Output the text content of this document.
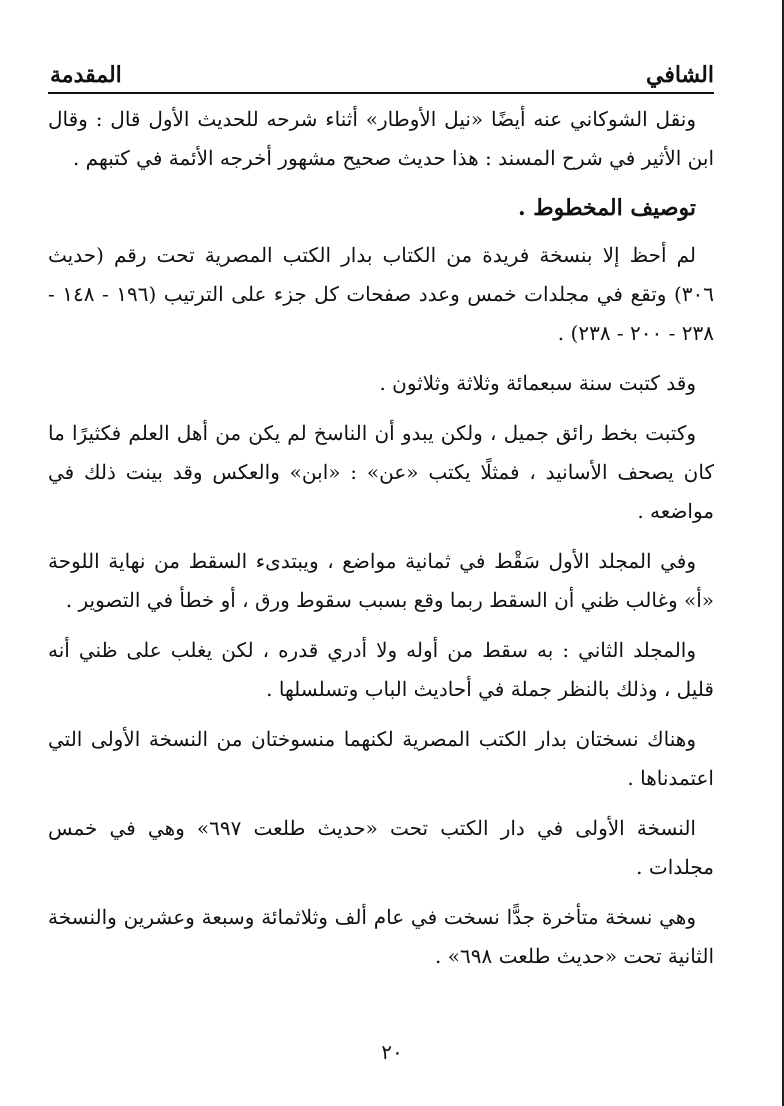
الشافي
المقدمة

ونقل الشوكاني عنه أيضًا «نيل الأوطار» أثناء شرحه للحديث الأول قال : وقال ابن الأثير في شرح المسند : هذا حديث صحيح مشهور أخرجه الأئمة في كتبهم .

توصيف المخطوط .

لم أحظ إلا بنسخة فريدة من الكتاب بدار الكتب المصرية تحت رقم (حديث ٣٠٦) وتقع في مجلدات خمس وعدد صفحات كل جزء على الترتيب (١٩٦ - ١٤٨ - ٢٣٨ - ٢٠٠ - ٢٣٨) .

وقد كتبت سنة سبعمائة وثلاثة وثلاثون .

وكتبت بخط رائق جميل ، ولكن يبدو أن الناسخ لم يكن من أهل العلم فكثيرًا ما كان يصحف الأسانيد ، فمثلًا يكتب «عن» : «ابن» والعكس وقد بينت ذلك في مواضعه .

وفي المجلد الأول سَقْط في ثمانية مواضع ، ويبتدىء السقط من نهاية اللوحة «أ» وغالب ظني أن السقط ربما وقع بسبب سقوط ورق ، أو خطأ في التصوير .

والمجلد الثاني : به سقط من أوله ولا أدري قدره ، لكن يغلب على ظني أنه قليل ، وذلك بالنظر جملة في أحاديث الباب وتسلسلها .

وهناك نسختان بدار الكتب المصرية لكنهما منسوختان من النسخة الأولى التي اعتمدناها .

النسخة الأولى في دار الكتب تحت «حديث طلعت ٦٩٧» وهي في خمس مجلدات .

وهي نسخة متأخرة جدًّا نسخت في عام ألف وثلاثمائة وسبعة وعشرين والنسخة الثانية تحت «حديث طلعت ٦٩٨» .

٢٠
